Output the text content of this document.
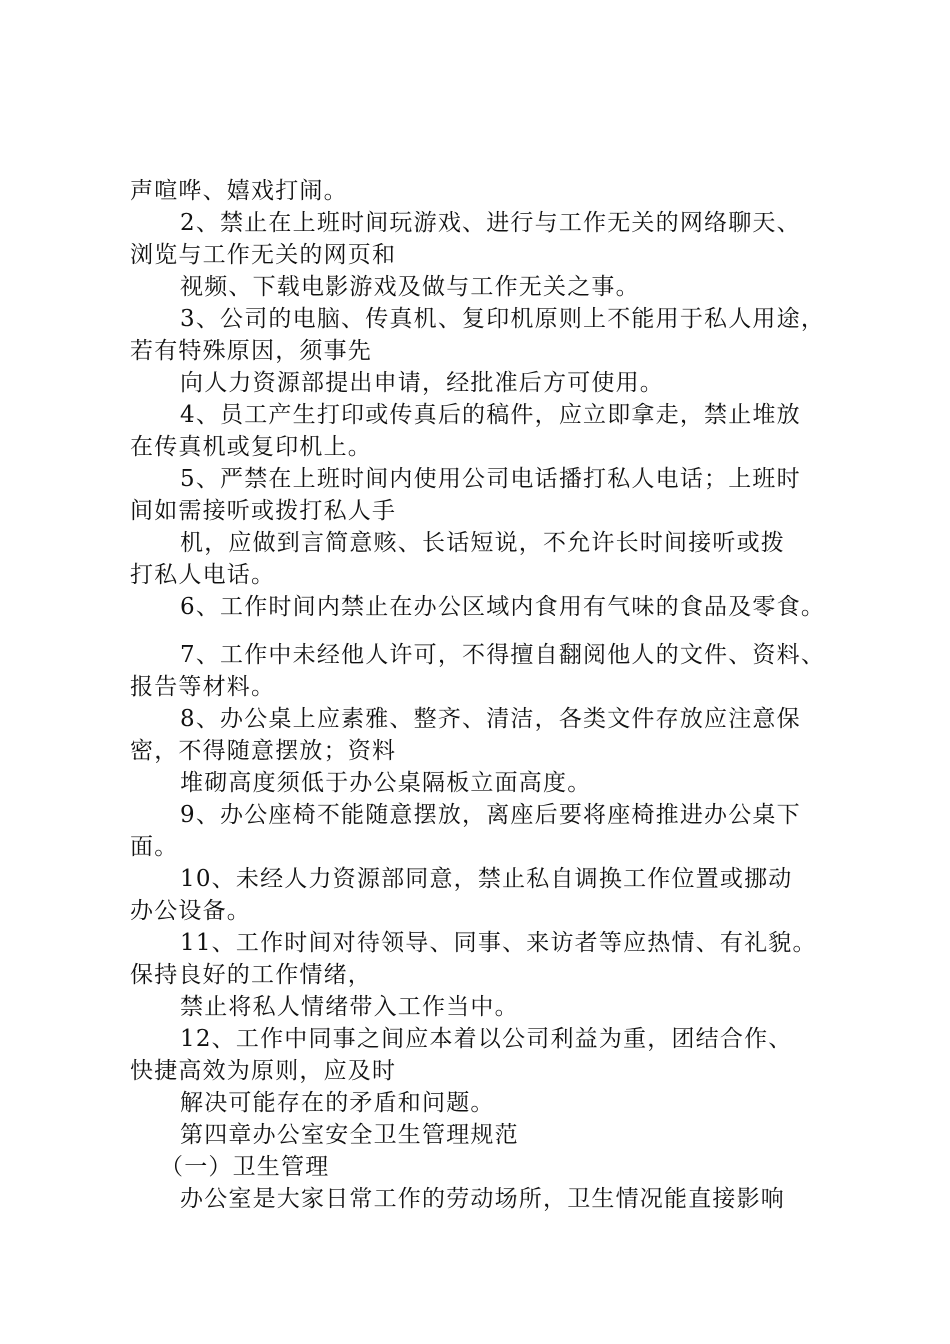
声喧哗、嬉戏打闹。
2、禁止在上班时间玩游戏、进行与工作无关的网络聊天、
浏览与工作无关的网页和
视频、下载电影游戏及做与工作无关之事。
3、公司的电脑、传真机、复印机原则上不能用于私人用途，
若有特殊原因，须事先
向人力资源部提出申请，经批准后方可使用。
4、员工产生打印或传真后的稿件，应立即拿走，禁止堆放
在传真机或复印机上。
5、严禁在上班时间内使用公司电话播打私人电话；上班时
间如需接听或拨打私人手
机，应做到言简意赅、长话短说，不允许长时间接听或拨
打私人电话。
6、工作时间内禁止在办公区域内食用有气味的食品及零食。
7、工作中未经他人许可，不得擅自翻阅他人的文件、资料、
报告等材料。
8、办公桌上应素雅、整齐、清洁，各类文件存放应注意保
密，不得随意摆放；资料
堆砌高度须低于办公桌隔板立面高度。
9、办公座椅不能随意摆放，离座后要将座椅推进办公桌下
面。
10、未经人力资源部同意，禁止私自调换工作位置或挪动
办公设备。
11、工作时间对待领导、同事、来访者等应热情、有礼貌。
保持良好的工作情绪，
禁止将私人情绪带入工作当中。
12、工作中同事之间应本着以公司利益为重，团结合作、
快捷高效为原则，应及时
解决可能存在的矛盾和问题。
第四章办公室安全卫生管理规范
（一）卫生管理
办公室是大家日常工作的劳动场所，卫生情况能直接影响
